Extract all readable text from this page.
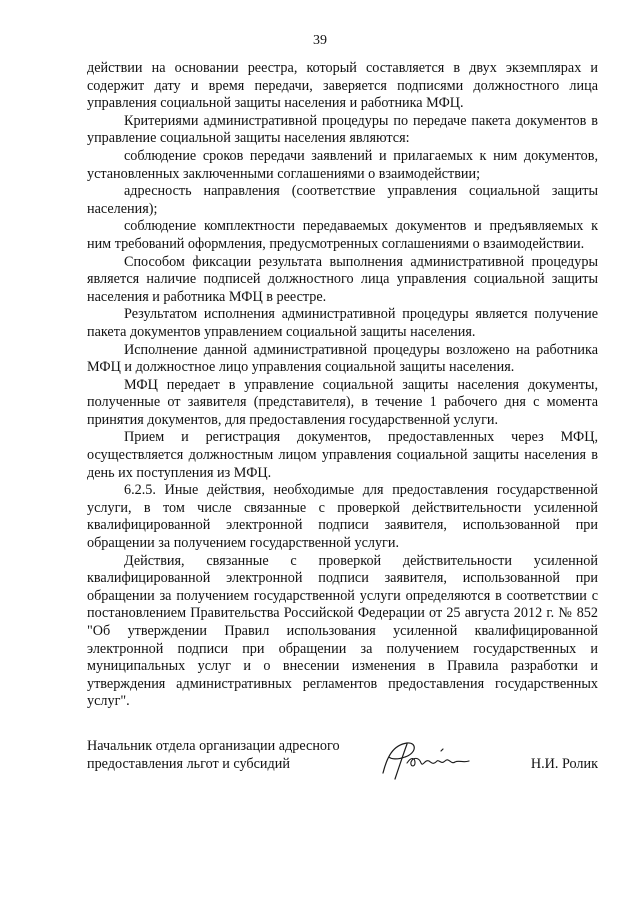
39

действии на основании реестра, который составляется в двух экземплярах и содержит дату и время передачи, заверяется подписями должностного лица управления социальной защиты населения и работника МФЦ.

Критериями административной процедуры по передаче пакета документов в управление социальной защиты населения являются:

соблюдение сроков передачи заявлений и прилагаемых к ним документов, установленных заключенными соглашениями о взаимодействии;

адресность направления (соответствие управления социальной защиты населения);

соблюдение комплектности передаваемых документов и предъявляемых к ним требований оформления, предусмотренных соглашениями о взаимодействии.

Способом фиксации результата выполнения административной процедуры является наличие подписей должностного лица управления социальной защиты населения и работника МФЦ в реестре.

Результатом исполнения административной процедуры является получение пакета документов управлением социальной защиты населения.

Исполнение данной административной процедуры возложено на работника МФЦ и должностное лицо управления социальной защиты населения.

МФЦ передает в управление социальной защиты населения документы, полученные от заявителя (представителя), в течение 1 рабочего дня с момента принятия документов, для предоставления государственной услуги.

Прием и регистрация документов, предоставленных через МФЦ, осуществляется должностным лицом управления социальной защиты населения в день их поступления из МФЦ.

6.2.5. Иные действия, необходимые для предоставления государственной услуги, в том числе связанные с проверкой действительности усиленной квалифицированной электронной подписи заявителя, использованной при обращении за получением государственной услуги.

Действия, связанные с проверкой действительности усиленной квалифицированной электронной подписи заявителя, использованной при обращении за получением государственной услуги определяются в соответствии с постановлением Правительства Российской Федерации от 25 августа 2012 г. № 852 "Об утверждении Правил использования усиленной квалифицированной электронной подписи при обращении за получением государственных и муниципальных услуг и о внесении изменения в Правила разработки и утверждения административных регламентов предоставления государственных услуг".

Начальник отдела организации адресного
предоставления льгот и субсидий	Н.И. Ролик
